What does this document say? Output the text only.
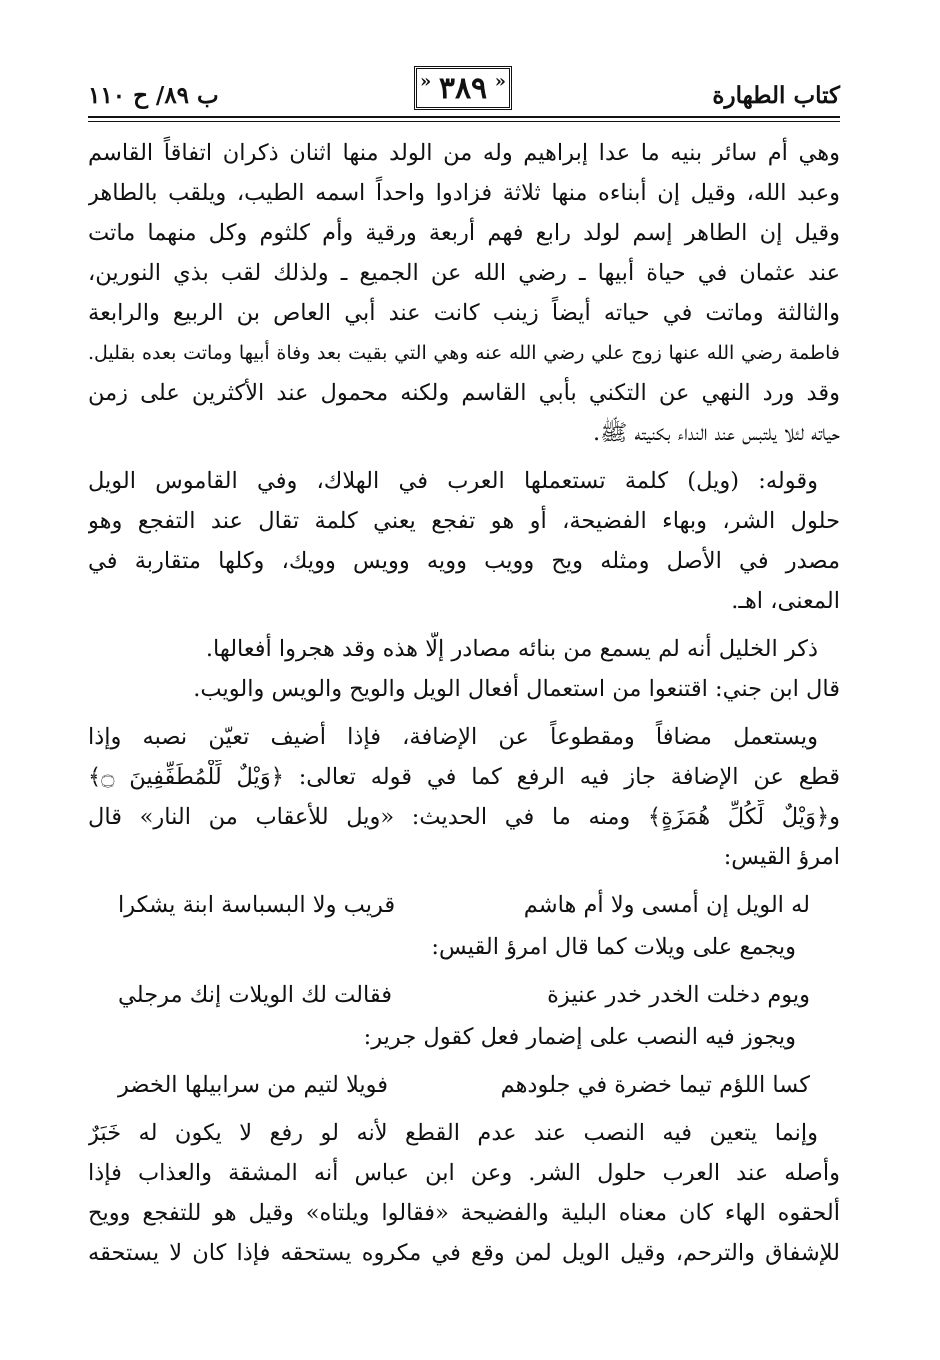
كتاب الطهارة
« ٣٨٩ «
ب ٨٩/ ح ١١٠
وهي أم سائر بنيه ما عدا إبراهيم وله من الولد منها اثنان ذكران اتفاقاً القاسم
وعبد الله، وقيل إن أبناءه منها ثلاثة فزادوا واحداً اسمه الطيب، ويلقب بالطاهر
وقيل إن الطاهر إسم لولد رابع فهم أربعة ورقية وأم كلثوم وكل منهما ماتت
عند عثمان في حياة أبيها ـ رضي الله عن الجميع ـ ولذلك لقب بذي النورين،
والثالثة وماتت في حياته أيضاً زينب كانت عند أبي العاص بن الربيع والرابعة
فاطمة رضي الله عنها زوج علي رضي الله عنه وهي التي بقيت بعد وفاة أبيها وماتت بعده بقليل.
وقد ورد النهي عن التكني بأبي القاسم ولكنه محمول عند الأكثرين على زمن
حياته لئلا يلتبس عند النداء بكنيته ﷺ.
وقوله: (ويل) كلمة تستعملها العرب في الهلاك، وفي القاموس الويل
حلول الشر، وبهاء الفضيحة، أو هو تفجع يعني كلمة تقال عند التفجع وهو
مصدر في الأصل ومثله ويح وويب وويه وويس وويك، وكلها متقاربة في
المعنى، اهـ.
ذكر الخليل أنه لم يسمع من بنائه مصادر إلّا هذه وقد هجروا أفعالها.
قال ابن جني: اقتنعوا من استعمال أفعال الويل والويح والويس والويب.
ويستعمل مضافاً ومقطوعاً عن الإضافة، فإذا أضيف تعيّن نصبه وإذا
قطع عن الإضافة جاز فيه الرفع كما في قوله تعالى: ﴿وَيْلٌ لِّلْمُطَفِّفِينَ ۝﴾
و﴿وَيْلٌ لِّكُلِّ هُمَزَةٍ﴾ ومنه ما في الحديث: «ويل للأعقاب من النار» قال
امرؤ القيس:
له الويل إن أمسى ولا أم هاشم
قريب ولا البسباسة ابنة يشكرا
ويجمع على ويلات كما قال امرؤ القيس:
ويوم دخلت الخدر خدر عنيزة
فقالت لك الويلات إنك مرجلي
ويجوز فيه النصب على إضمار فعل كقول جرير:
كسا اللؤم تيما خضرة في جلودهم
فويلا لتيم من سرابيلها الخضر
وإنما يتعين فيه النصب عند عدم القطع لأنه لو رفع لا يكون له خَبَرٌ
وأصله عند العرب حلول الشر. وعن ابن عباس أنه المشقة والعذاب فإذا
ألحقوه الهاء كان معناه البلية والفضيحة «فقالوا ويلتاه» وقيل هو للتفجع وويح
للإشفاق والترحم، وقيل الويل لمن وقع في مكروه يستحقه فإذا كان لا يستحقه
